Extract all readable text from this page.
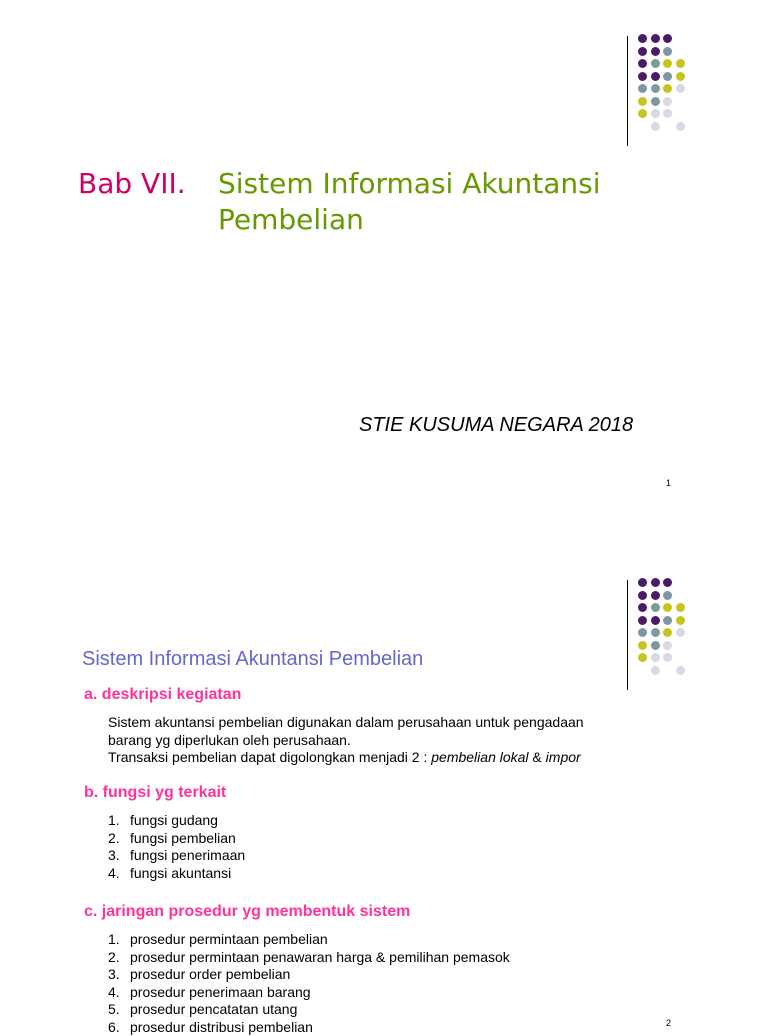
Bab VII. Sistem Informasi Akuntansi
Pembelian
STIE KUSUMA NEGARA 2018
1
Sistem Informasi Akuntansi Pembelian
a. deskripsi kegiatan
Sistem akuntansi pembelian digunakan dalam perusahaan untuk pengadaan
barang yg diperlukan oleh perusahaan.
Transaksi pembelian dapat digolongkan menjadi 2 : pembelian lokal & impor
b. fungsi yg terkait
1. fungsi gudang
2. fungsi pembelian
3. fungsi penerimaan
4. fungsi akuntansi
c. jaringan prosedur yg membentuk sistem
1. prosedur permintaan pembelian
2. prosedur permintaan penawaran harga & pemilihan pemasok
3. prosedur order pembelian
4. prosedur penerimaan barang
5. prosedur pencatatan utang
6. prosedur distribusi pembelian	2
